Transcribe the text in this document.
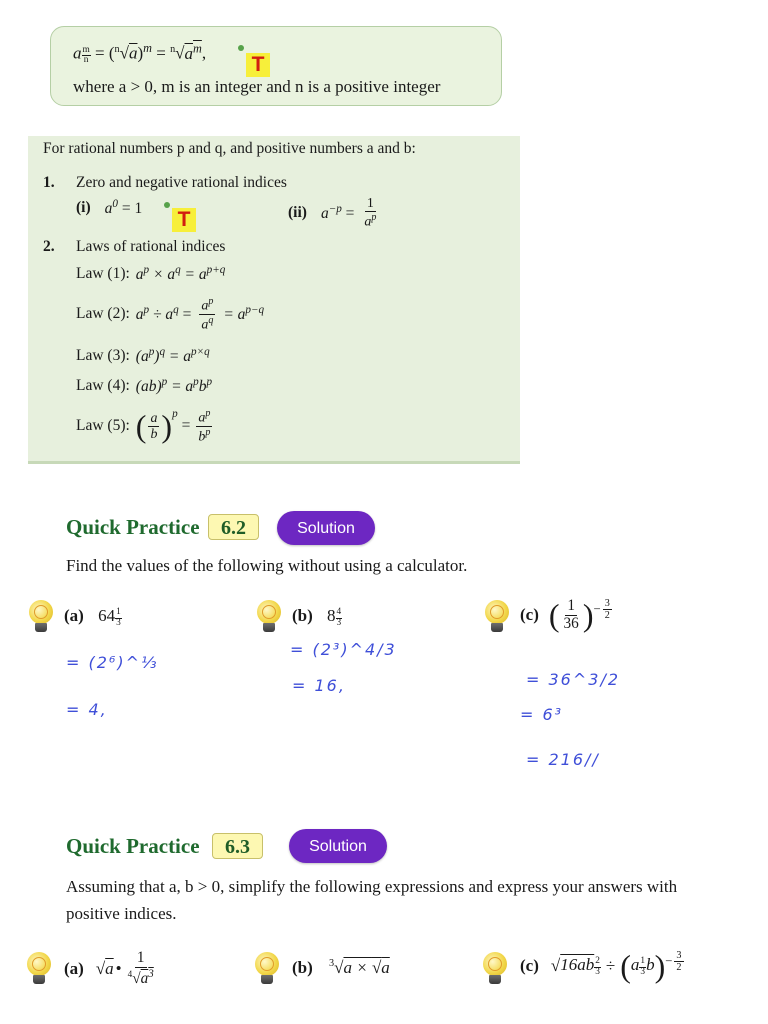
a $\frac{m}{n} = (^n√a)^m = ^n√a^m$, T
where a > 0, m is an integer and n is a positive integer
For rational numbers p and q, and positive numbers a and b:
1. Zero and negative rational indices
(i) $a^0 = 1$ T	(ii) $a^{-p} = \frac{1}{a^p}$
2. Laws of rational indices
Law (1): $a^p \times a^q = a^{p+q}$
Law (2): $a^p \div a^q = \frac{a^p}{a^q} = a^{p-q}$
Law (3): $(a^p)^q = a^{p\times q}$
Law (4): $(ab)^p = a^pb^p$
Law (5): ( $\frac{a}{b}$ ) p
= $\frac{a^p}{b^p}$
Quick Practice	6.2	Solution
Find the values of the following without using a calculator.
(a) $64 \frac{1}{3}$	(b) $8 \frac{4}{3}$	(c) ( $\frac{1}{36}$ ) − $\frac{3}{2}$
= (2⁶)^⅓
= 4,
= (2³)^4/3
= 16,	= 36^3/2
= 6³
= 216//
Quick Practice	6.3	Solution
Assuming that a, b > 0, simplify the following expressions and express your answers with positive indices.
(a) √ a • $\frac{1}{^4√a^3}$	(b) $^3$√a × √a	(c) √ $16ab \frac{2}{3}$ ÷ ( a $\frac{1}{3}$ b ) − $\frac{3}{2}$
